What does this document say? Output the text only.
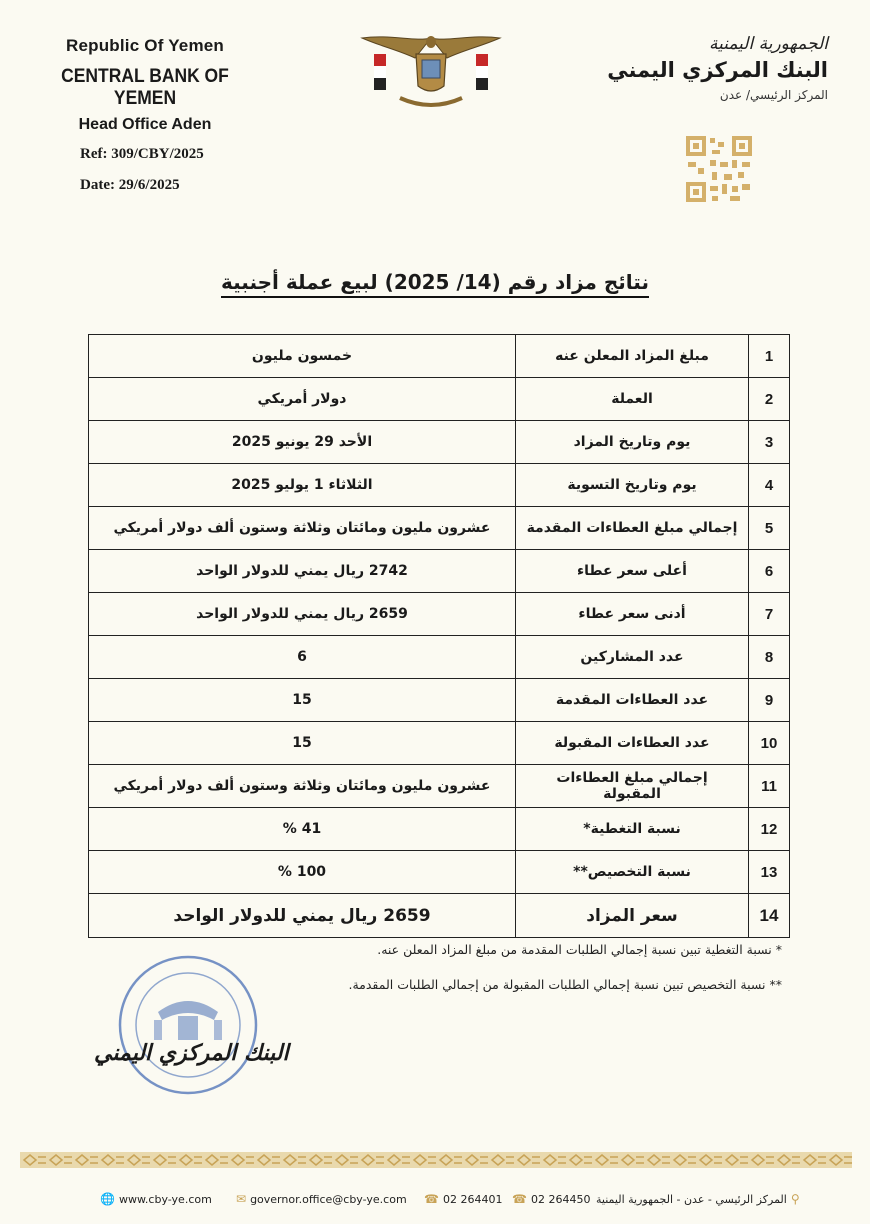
Republic Of Yemen
CENTRAL BANK OF YEMEN
Head Office Aden
Ref: 309/CBY/2025
Date: 29/6/2025
الجمهورية اليمنية
البنك المركزي اليمني
المركز الرئيسي/ عدن
نتائج مزاد رقم (14/ 2025) لبيع عملة أجنبية
1	مبلغ المزاد المعلن عنه	خمسون مليون
2	العملة	دولار أمريكي
3	يوم وتاريخ المزاد	الأحد 29 يونيو 2025
4	يوم وتاريخ التسوية	الثلاثاء 1 يوليو 2025
5	إجمالي مبلغ العطاءات المقدمة	عشرون مليون ومائتان وثلاثة وستون ألف دولار أمريكي
6	أعلى سعر عطاء	2742 ريال يمني للدولار الواحد
7	أدنى سعر عطاء	2659 ريال يمني للدولار الواحد
8	عدد المشاركين	6
9	عدد العطاءات المقدمة	15
10	عدد العطاءات المقبولة	15
11	إجمالي مبلغ العطاءات المقبولة	عشرون مليون ومائتان وثلاثة وستون ألف دولار أمريكي
12	نسبة التغطية*	41 %
13	نسبة التخصيص**	100 %
14	سعر المزاد	2659 ريال يمني للدولار الواحد
* نسبة التغطية تبين نسبة إجمالي الطلبات المقدمة من مبلغ المزاد المعلن عنه.
** نسبة التخصيص تبين نسبة إجمالي الطلبات المقبولة من إجمالي الطلبات المقدمة.
البنك المركزي اليمني
🌐 www.cby-ye.com	✉ governor.office@cby-ye.com	☎ 02 264401 ☎ 02 264450	⚲المركز الرئيسي - عدن - الجمهورية اليمنية
